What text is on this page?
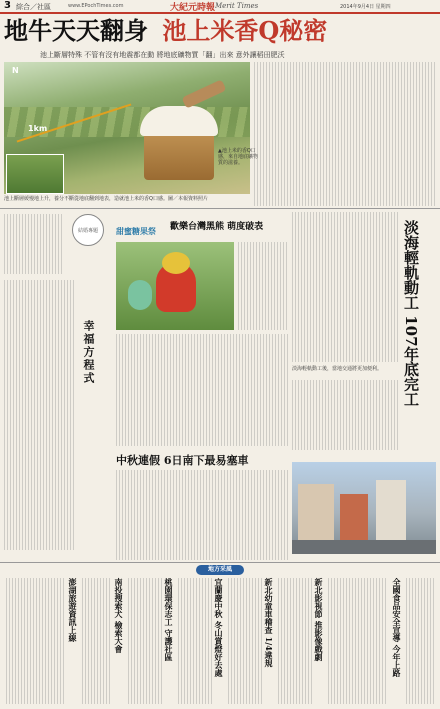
3 綜合／社區	www.EPochTimes.com	大紀元時報 Merit Times	2014年9月4日 星期四
地牛天天翻身 池上米香Q秘密
池上斷層特殊 不管有沒有地震都在動 將地底礦物質「翻」出來 意外讓稻田肥沃
N
1km
▲池上米的香Q口感，來自地底礦物質的滋養。
池上斷層緩慢地上升，養分不斷從地底翻到地表，造就池上米的香Q口感。圖／本報資料照片
結婚專題
幸福方程式
甜蜜糖果祭 歡樂台灣黑熊 萌度破表
中秋連假 6日南下最易塞車
淡海輕軌動工 107年底完工
淡海輕軌動工後，當地交通將更加便利。
地方采風
澎湖旅遊資訊上線	南投搜索犬 檢索大會	桃園環保志工 守護社區	宜蘭慶中秋 冬山賞燈好去處	新北幼童車稽查 1/4違規	新北影視節 推影像戲劇	全國食品安全宣導 今年上路
